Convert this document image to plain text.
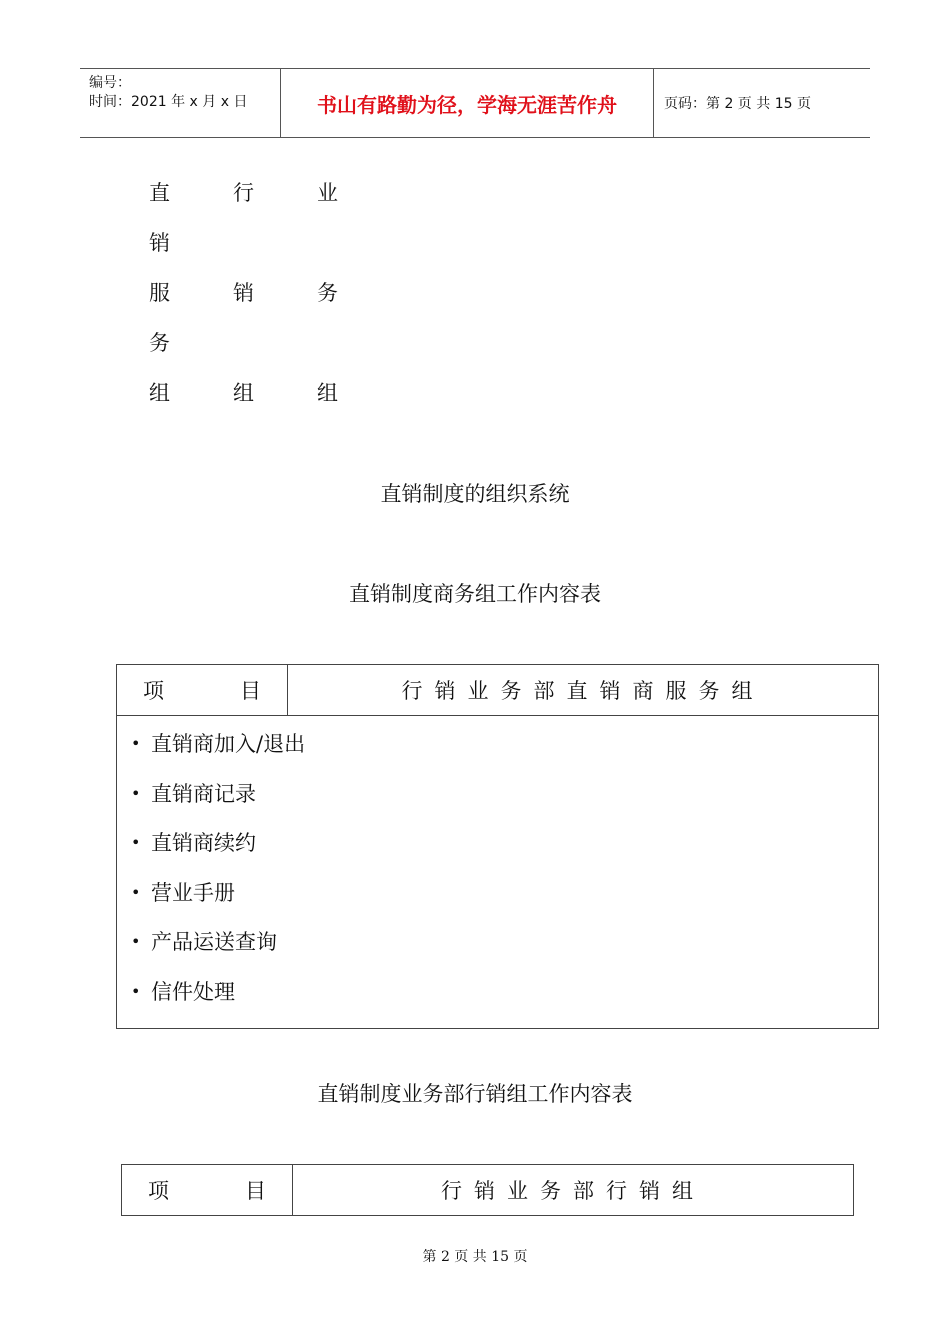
编号：
时间：2021 年 x 月 x 日	书山有路勤为径，学海无涯苦作舟	页码：第 2 页 共 15 页
直
销
服
务
组
行
销
组
业
务
组
直销制度的组织系统
直销制度商务组工作内容表
项	目	行销业务部直销商服务组

• 直销商加入/退出
• 直销商记录
• 直销商续约
• 营业手册
• 产品运送查询
• 信件处理
直销制度业务部行销组工作内容表
项	目	行销业务部行销组
第 2 页 共 15 页
